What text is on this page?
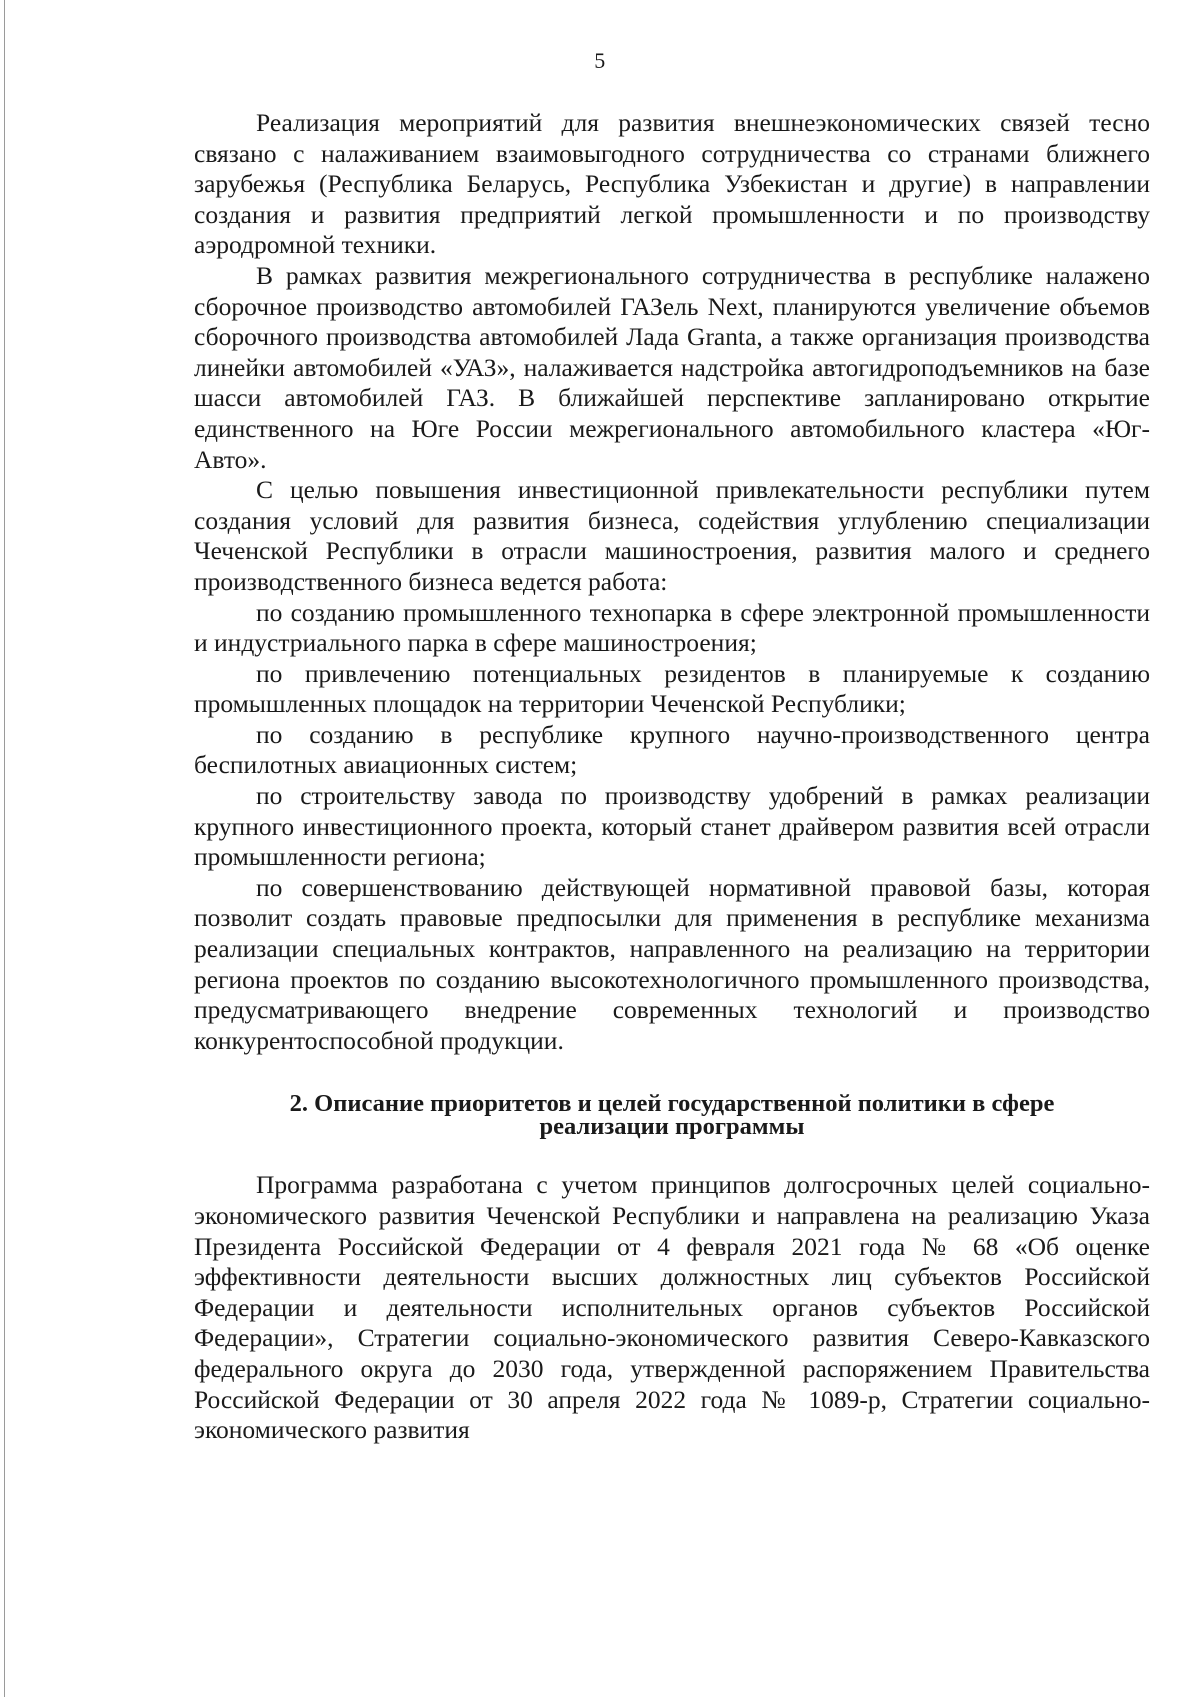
5

Реализация мероприятий для развития внешнеэкономических связей тесно связано с налаживанием взаимовыгодного сотрудничества со странами ближнего зарубежья (Республика Беларусь, Республика Узбекистан и другие) в направлении создания и развития предприятий легкой промышленности и по производству аэродромной техники.

В рамках развития межрегионального сотрудничества в республике налажено сборочное производство автомобилей ГАЗель Next, планируются увеличение объемов сборочного производства автомобилей Лада Granta, а также организация производства линейки автомобилей «УАЗ», налаживается надстройка автогидроподъемников на базе шасси автомобилей ГАЗ. В ближайшей перспективе запланировано открытие единственного на Юге России межрегионального автомобильного кластера «Юг-Авто».

С целью повышения инвестиционной привлекательности республики путем создания условий для развития бизнеса, содействия углублению специализации Чеченской Республики в отрасли машиностроения, развития малого и среднего производственного бизнеса ведется работа:

по созданию промышленного технопарка в сфере электронной промышленности и индустриального парка в сфере машиностроения;

по привлечению потенциальных резидентов в планируемые к созданию промышленных площадок на территории Чеченской Республики;

по созданию в республике крупного научно-производственного центра беспилотных авиационных систем;

по строительству завода по производству удобрений в рамках реализации крупного инвестиционного проекта, который станет драйвером развития всей отрасли промышленности региона;

по совершенствованию действующей нормативной правовой базы, которая позволит создать правовые предпосылки для применения в республике механизма реализации специальных контрактов, направленного на реализацию на территории региона проектов по созданию высокотехнологичного промышленного производства, предусматривающего внедрение современных технологий и производство конкурентоспособной продукции.

2. Описание приоритетов и целей государственной политики в сфере
реализации программы

Программа разработана с учетом принципов долгосрочных целей социально-экономического развития Чеченской Республики и направлена на реализацию Указа Президента Российской Федерации от 4 февраля 2021 года № 68 «Об оценке эффективности деятельности высших должностных лиц субъектов Российской Федерации и деятельности исполнительных органов субъектов Российской Федерации», Стратегии социально-экономического развития Северо-Кавказского федерального округа до 2030 года, утвержденной распоряжением Правительства Российской Федерации от 30 апреля 2022 года № 1089-р, Стратегии социально-экономического развития
